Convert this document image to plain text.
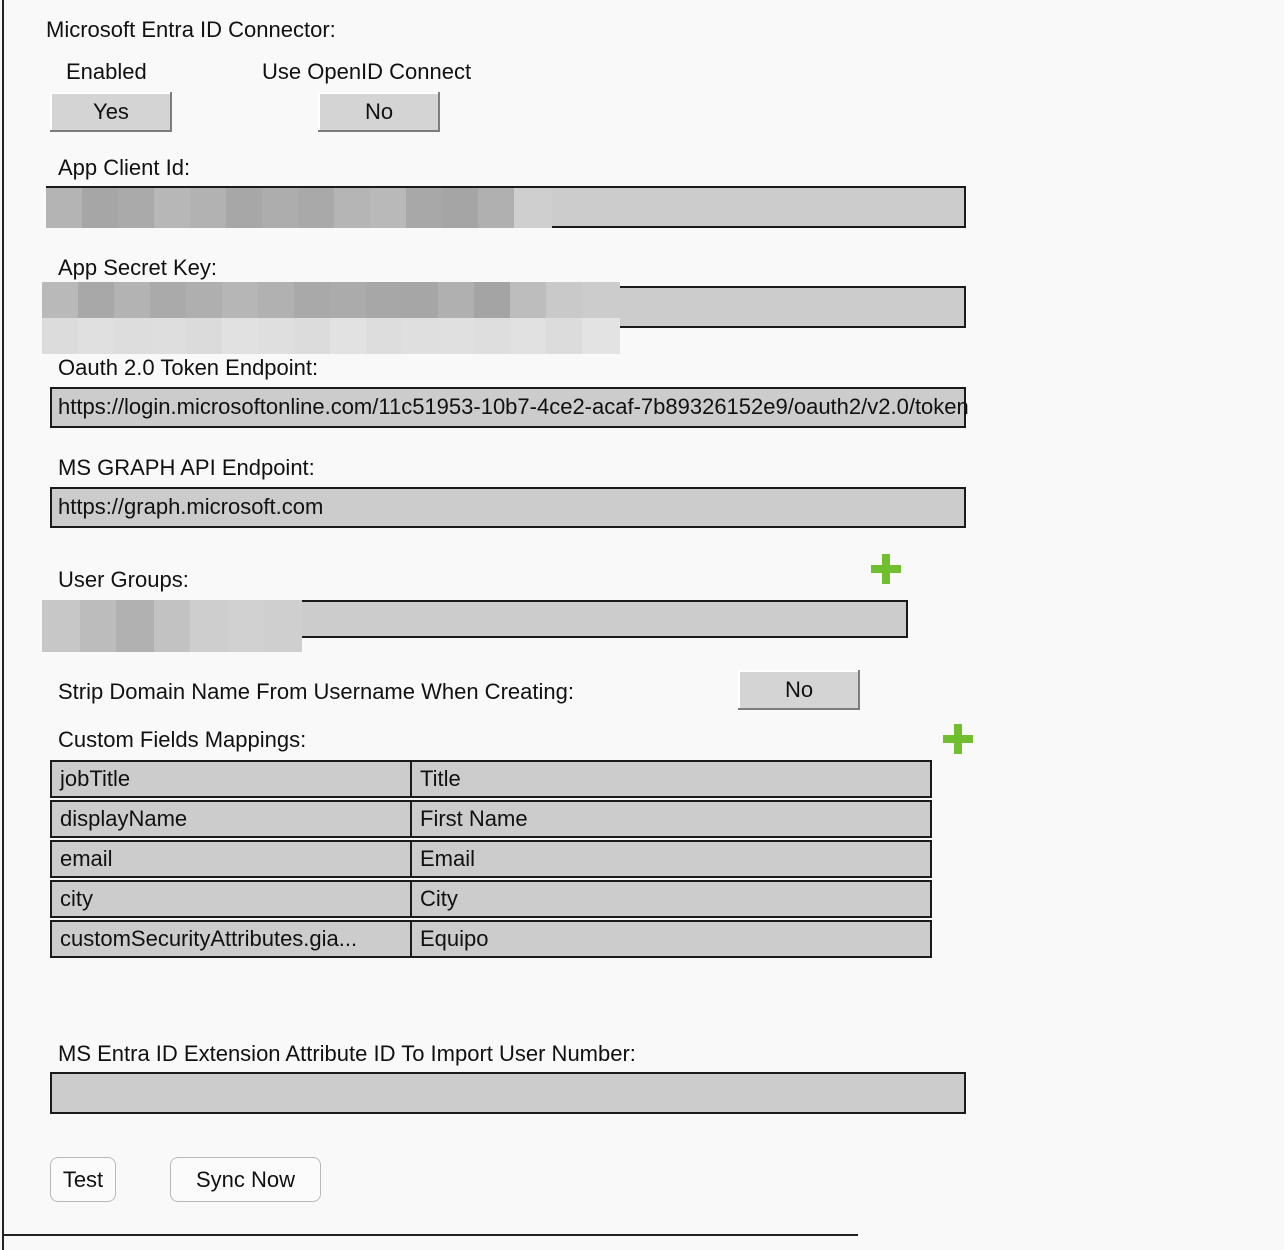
Microsoft Entra ID Connector:
Enabled
Yes
Use OpenID Connect
No
App Client Id:
App Secret Key:
Oauth 2.0 Token Endpoint:
https://login.microsoftonline.com/11c51953-10b7-4ce2-acaf-7b89326152e9/oauth2/v2.0/token
MS GRAPH API Endpoint:
https://graph.microsoft.com
User Groups:
Strip Domain Name From Username When Creating:	No
Custom Fields Mappings:
jobTitle	Title
displayName	First Name
email	Email
city	City
customSecurityAttributes.gia...	Equipo
MS Entra ID Extension Attribute ID To Import User Number:
Test	Sync Now
